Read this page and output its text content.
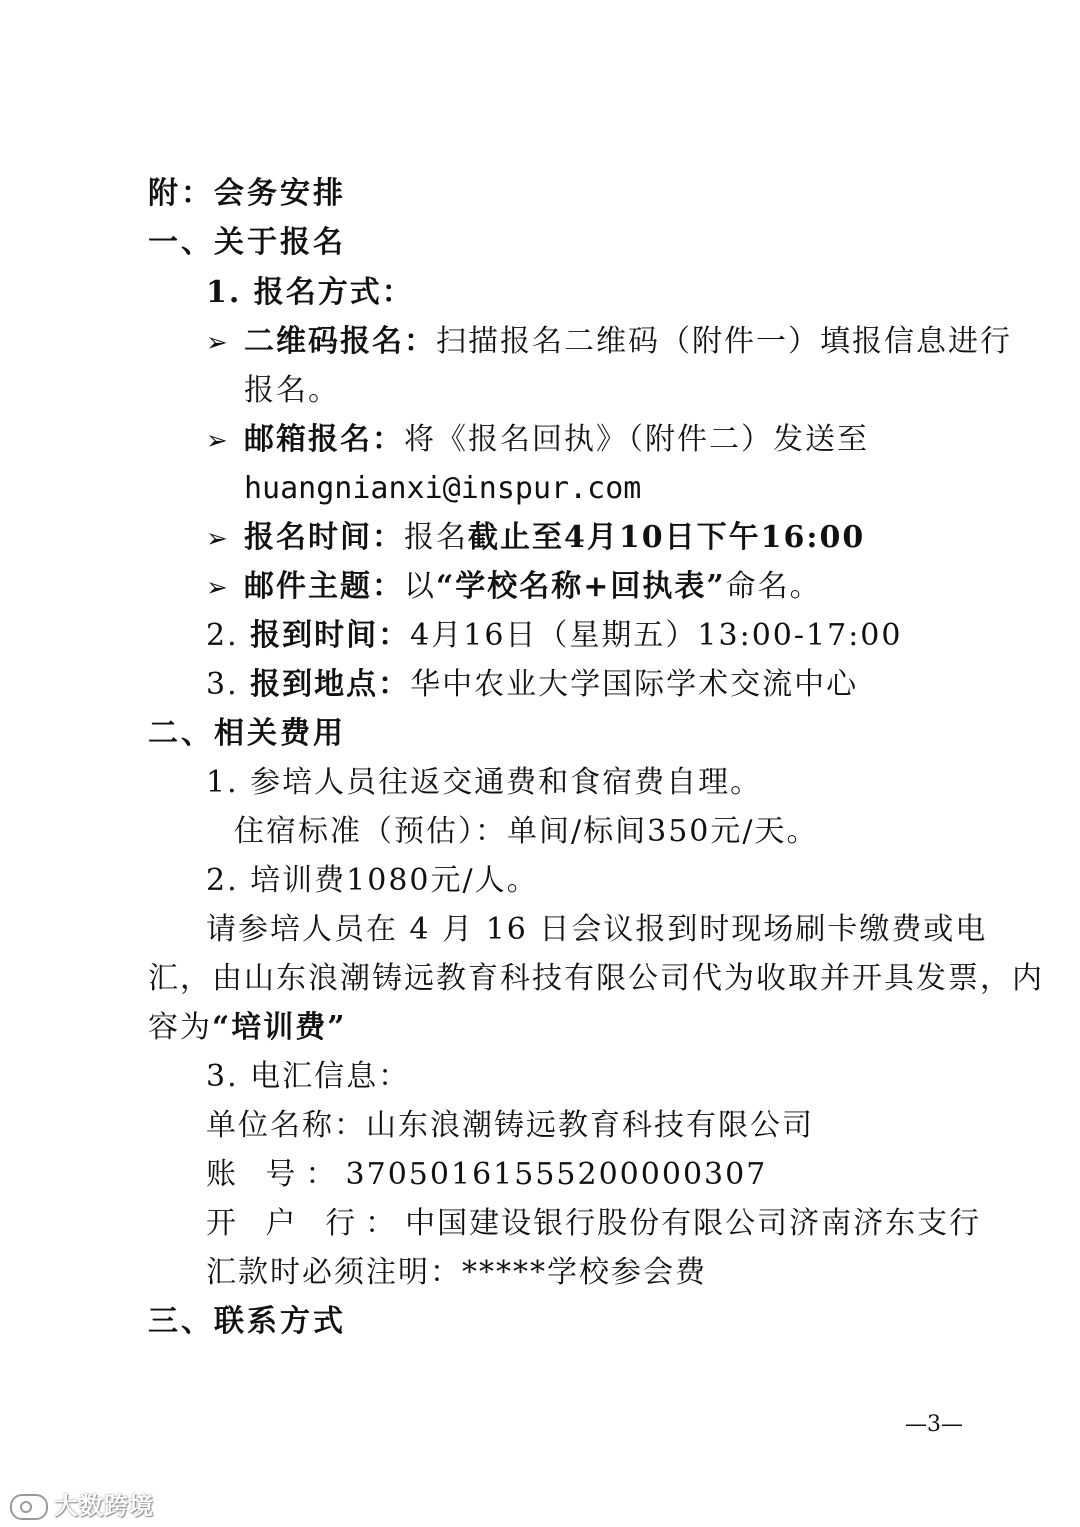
附：会务安排
一、关于报名
1. 报名方式：
➢ 二维码报名：扫描报名二维码（附件一）填报信息进行
报名。
➢ 邮箱报名：将《报名回执》（附件二）发送至
huangnianxi@inspur.com
➢ 报名时间：报名截止至4月10日下午16:00
➢ 邮件主题：以“学校名称+回执表”命名。
2. 报到时间：4月16日（星期五）13:00-17:00
3. 报到地点：华中农业大学国际学术交流中心
二、相关费用
1. 参培人员往返交通费和食宿费自理。
住宿标准（预估）：单间/标间350元/天。
2. 培训费1080元/人。
请参培人员在 4 月 16 日会议报到时现场刷卡缴费或电
汇，由山东浪潮铸远教育科技有限公司代为收取并开具发票，内
容为“培训费”
3. 电汇信息：
单位名称：山东浪潮铸远教育科技有限公司
账 号：37050161555200000307
开 户 行：中国建设银行股份有限公司济南济东支行
汇款时必须注明：*****学校参会费
三、联系方式
—3—
大数跨境
